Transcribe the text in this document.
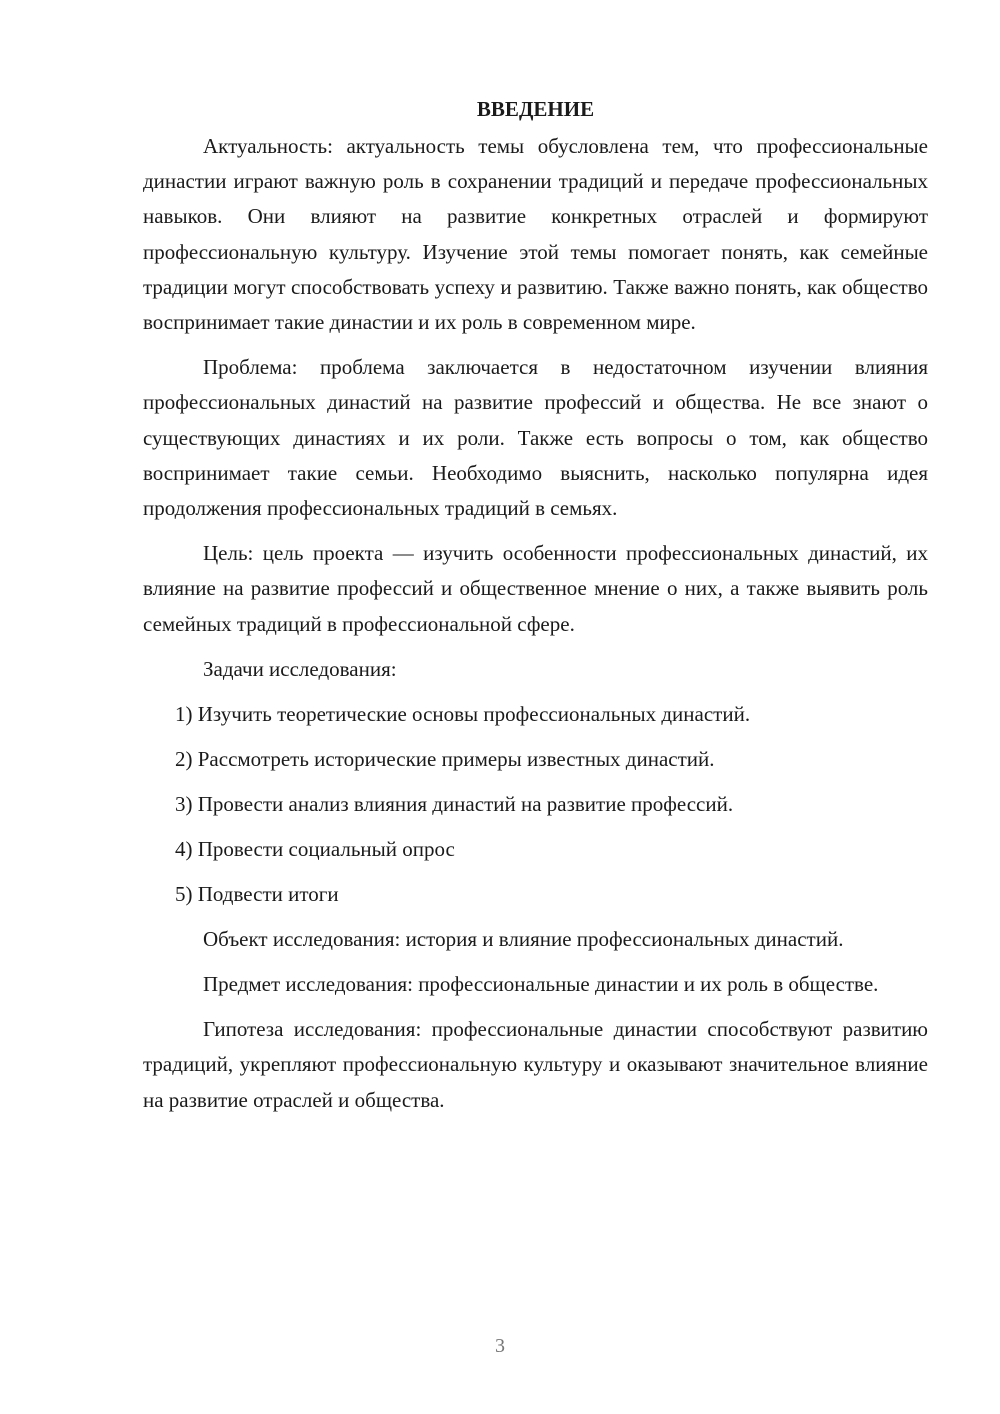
ВВЕДЕНИЕ

Актуальность: актуальность темы обусловлена тем, что профессиональные династии играют важную роль в сохранении традиций и передаче профессиональных навыков. Они влияют на развитие конкретных отраслей и формируют профессиональную культуру. Изучение этой темы помогает понять, как семейные традиции могут способствовать успеху и развитию. Также важно понять, как общество воспринимает такие династии и их роль в современном мире.

Проблема: проблема заключается в недостаточном изучении влияния профессиональных династий на развитие профессий и общества. Не все знают о существующих династиях и их роли. Также есть вопросы о том, как общество воспринимает такие семьи. Необходимо выяснить, насколько популярна идея продолжения профессиональных традиций в семьях.

Цель: цель проекта — изучить особенности профессиональных династий, их влияние на развитие профессий и общественное мнение о них, а также выявить роль семейных традиций в профессиональной сфере.

Задачи исследования:

1) Изучить теоретические основы профессиональных династий.
2) Рассмотреть исторические примеры известных династий.
3) Провести анализ влияния династий на развитие профессий.
4) Провести социальный опрос
5) Подвести итоги

Объект исследования: история и влияние профессиональных династий.

Предмет исследования: профессиональные династии и их роль в обществе.

Гипотеза исследования: профессиональные династии способствуют развитию традиций, укрепляют профессиональную культуру и оказывают значительное влияние на развитие отраслей и общества.

3
